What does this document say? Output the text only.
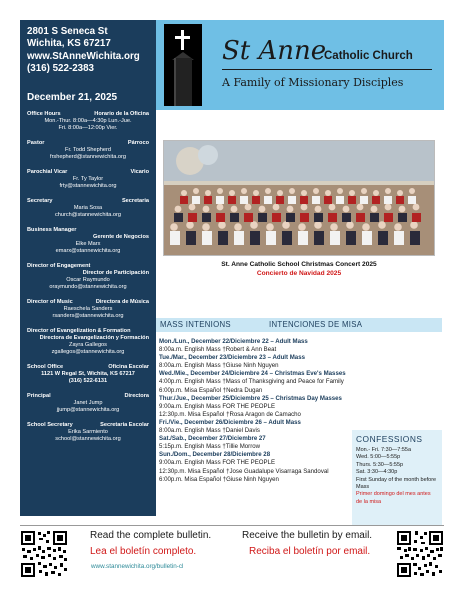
2801 S Seneca St
Wichita, KS 67217
www.StAnneWichita.org
(316) 522-2383
December 21, 2025
Office Hours	Horario de la Oficina
Mon.-Thur. 8:00a—4:30p Lun.-Jue.
Fri. 8:00a—12:00p Vier.
Pastor	Párroco
Fr. Todd Shepherd
frshepherd@stannewichita.org
Parochial Vicar	Vicario
Fr. Ty Taylor
frty@stannewichita.org
Secretary	Secretaria
Maria Sosa
church@stannewichita.org
Business Manager
Gerente de Negocios
Elke Marx
emarx@stannewichita.org
Director of Engagement
Director de Participación
Oscar Raymundo
oraymundo@stannewichita.org
Director of Music	Directora de Música
Raeschela Sanders
rsanders@stannewichita.org
Director of Evangelization & Formation
Directora de Evangelización y Formación
Zayra Gallegos
zgallegos@stannewichita.org
School Office	Oficina Escolar
1121 W Regal St, Wichita, KS 67217
(316) 522-6131
Principal	Directora
Janet Jump
jjump@stannewichita.org
School Secretary	Secretaria Escolar
Erika Sarmiento
school@stannewichita.org
St Anne
Catholic Church
A Family of Missionary Disciples
St. Anne Catholic School Christmas Concert 2025
Concierto de Navidad 2025
MASS INTENIONS	INTENCIONES DE MISA
Mon./Lun., December 22/Diciembre 22 – Adult Mass
8:00a.m. English Mass †Robert & Ann Beat
Tue./Mar., December 23/Diciembre 23 – Adult Mass
8:00a.m. English Mass †Giuse Ninh Nguyen
Wed./Mie., December 24/Diciembre 24 – Christmas Eve's Masses
4:00p.m. English Mass †Mass of Thanksgiving and Peace for Family
6:00p.m. Misa Español †Nedra Dugan
Thur./Jue., December 25/Diciembre 25 – Christmas Day Masses
9:00a.m. English Mass FOR THE PEOPLE
12:30p.m. Misa Español †Rosa Aragon de Camacho
Fri./Vie., December 26/Diciembre 26 – Adult Mass
8:00a.m. English Mass †Daniel Davis
Sat./Sab., December 27/Diciembre 27
5:15p.m. English Mass †Tillie Morrow
Sun./Dom., December 28/Diciembre 28
9:00a.m. English Mass FOR THE PEOPLE
12:30p.m. Misa Español †Jose Guadalupe Visarraga Sandoval
6:00p.m. Misa Español †Giuse Ninh Nguyen
CONFESSIONS
Mon.- Fri. 7:30—7:55a
Wed. 5:00—5:55p
Thurs. 5:30—5:55p
Sat. 3:30—4:30p
First Sunday of the month before Mass
Primer domingo del mes antes de la misa
Read the complete bulletin.
Lea el boletín completo.
Receive the bulletin by email.
Reciba el boletín por email.
www.stannewichita.org/bulletin-cl
